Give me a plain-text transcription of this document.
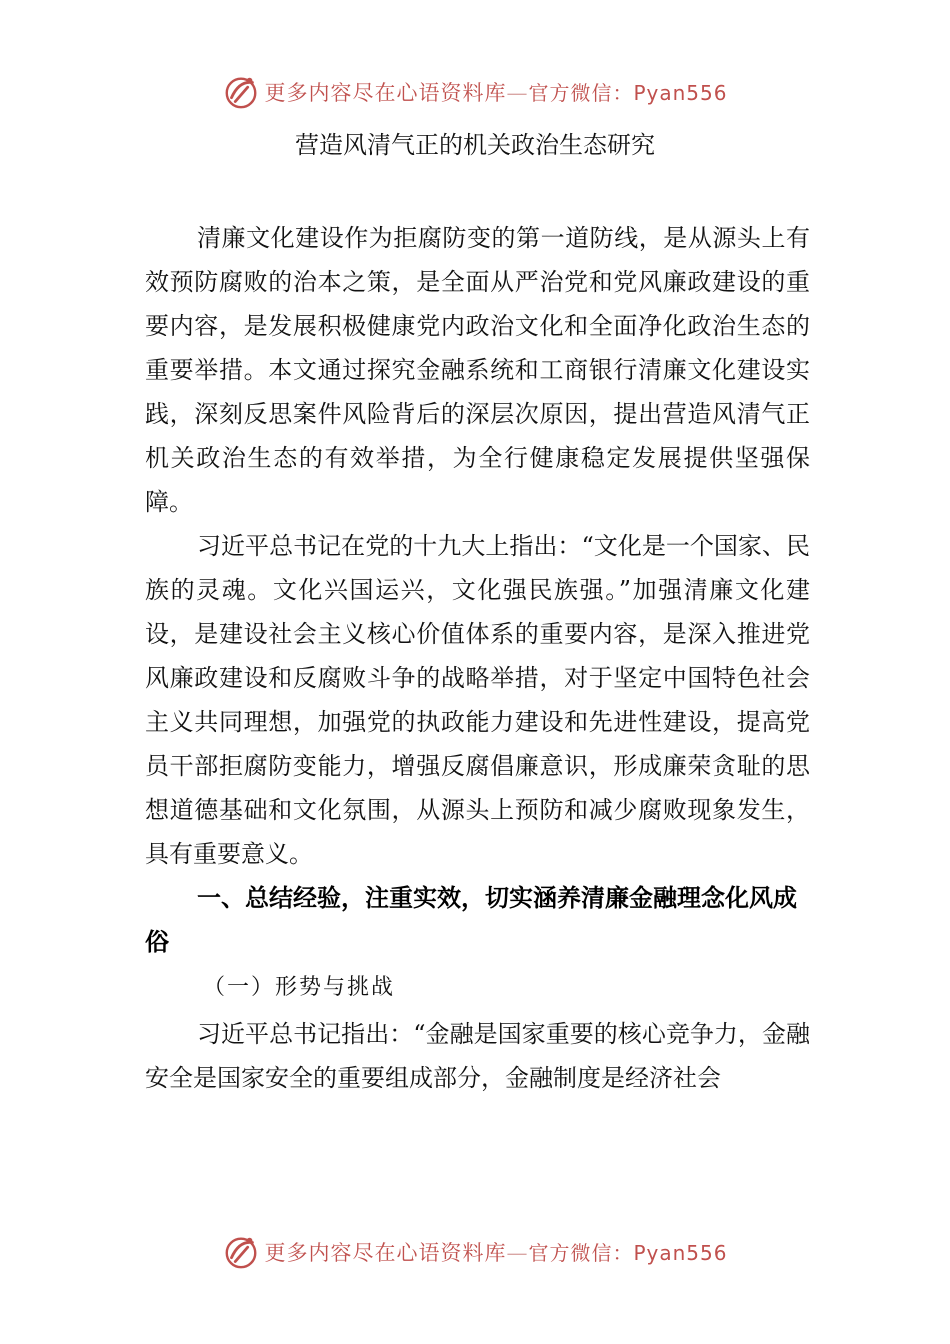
更多内容尽在心语资料库—官方微信：Pyan556
营造风清气正的机关政治生态研究

清廉文化建设作为拒腐防变的第一道防线，是从源头上有效预防腐败的治本之策，是全面从严治党和党风廉政建设的重要内容，是发展积极健康党内政治文化和全面净化政治生态的重要举措。本文通过探究金融系统和工商银行清廉文化建设实践，深刻反思案件风险背后的深层次原因，提出营造风清气正机关政治生态的有效举措，为全行健康稳定发展提供坚强保障。

习近平总书记在党的十九大上指出：“文化是一个国家、民族的灵魂。文化兴国运兴，文化强民族强。”加强清廉文化建设，是建设社会主义核心价值体系的重要内容，是深入推进党风廉政建设和反腐败斗争的战略举措，对于坚定中国特色社会主义共同理想，加强党的执政能力建设和先进性建设，提高党员干部拒腐防变能力，增强反腐倡廉意识，形成廉荣贪耻的思想道德基础和文化氛围，从源头上预防和减少腐败现象发生，具有重要意义。

一、总结经验，注重实效，切实涵养清廉金融理念化风成俗

（一）形势与挑战

习近平总书记指出：“金融是国家重要的核心竞争力，金融安全是国家安全的重要组成部分，金融制度是经济社会

更多内容尽在心语资料库—官方微信：Pyan556
